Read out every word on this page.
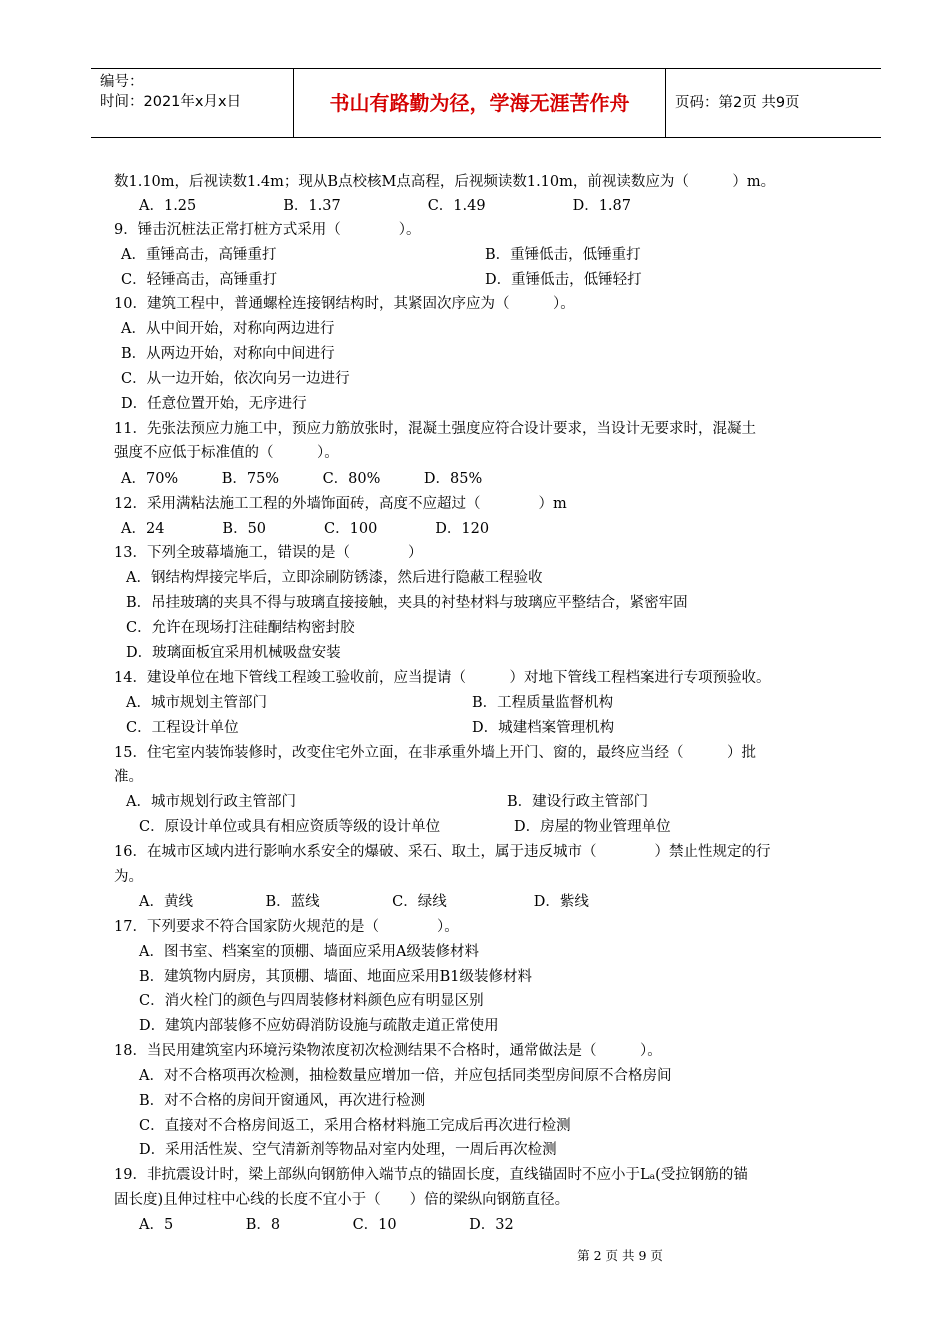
编号：
时间：2021年x月x日	书山有路勤为径，学海无涯苦作舟	页码：第2页 共9页
数1.10m，后视读数1.4m；现从B点校核M点高程，后视频读数1.10m，前视读数应为（　　　）m。
A．1.25　　　　　　B．1.37　　　　　　C．1.49　　　　　　D．1.87
9．锤击沉桩法正常打桩方式采用（　　　　）。
A．重锤高击，高锤重打	B．重锤低击，低锤重打
C．轻锤高击，高锤重打	D．重锤低击，低锤轻打
10．建筑工程中，普通螺栓连接钢结构时，其紧固次序应为（　　　）。
A．从中间开始，对称向两边进行
B．从两边开始，对称向中间进行
C．从一边开始，依次向另一边进行
D．任意位置开始，无序进行
11．先张法预应力施工中，预应力筋放张时，混凝土强度应符合设计要求，当设计无要求时，混凝土
强度不应低于标准值的（　　　）。
A．70%　　　B．75%　　　C．80%　　　D．85%
12．采用满粘法施工工程的外墙饰面砖，高度不应超过（　　　　）m
A．24　　　　B．50　　　　C．100　　　　D．120
13．下列全玻幕墙施工，错误的是（　　　　）
A．钢结构焊接完毕后，立即涂刷防锈漆，然后进行隐蔽工程验收
B．吊挂玻璃的夹具不得与玻璃直接接触，夹具的衬垫材料与玻璃应平整结合，紧密牢固
C．允许在现场打注硅酮结构密封胶
D．玻璃面板宜采用机械吸盘安装
14．建设单位在地下管线工程竣工验收前，应当提请（　　　）对地下管线工程档案进行专项预验收。
A．城市规划主管部门	B．工程质量监督机构
C．工程设计单位	D．城建档案管理机构
15．住宅室内装饰装修时，改变住宅外立面，在非承重外墙上开门、窗的，最终应当经（　　　）批
准。
A．城市规划行政主管部门	B．建设行政主管部门
C．原设计单位或具有相应资质等级的设计单位	D．房屋的物业管理单位
16．在城市区域内进行影响水系安全的爆破、采石、取土，属于违反城市（　　　　）禁止性规定的行
为。
A．黄线　　　　　B．蓝线　　　　　C．绿线　　　　　　D．紫线
17．下列要求不符合国家防火规范的是（　　　　）。
A．图书室、档案室的顶棚、墙面应采用A级装修材料
B．建筑物内厨房，其顶棚、墙面、地面应采用B1级装修材料
C．消火栓门的颜色与四周装修材料颜色应有明显区别
D．建筑内部装修不应妨碍消防设施与疏散走道正常使用
18．当民用建筑室内环境污染物浓度初次检测结果不合格时，通常做法是（　　　）。
A．对不合格项再次检测，抽检数量应增加一倍，并应包括同类型房间原不合格房间
B．对不合格的房间开窗通风，再次进行检测
C．直接对不合格房间返工，采用合格材料施工完成后再次进行检测
D．采用活性炭、空气清新剂等物品对室内处理，一周后再次检测
19．非抗震设计时，梁上部纵向钢筋伸入端节点的锚固长度，直线锚固时不应小于Lₐ(受拉钢筋的锚
固长度)且伸过柱中心线的长度不宜小于（　　）倍的梁纵向钢筋直径。
A．5　　　　　B．8　　　　　C．10　　　　　D．32
第 2 页 共 9 页
